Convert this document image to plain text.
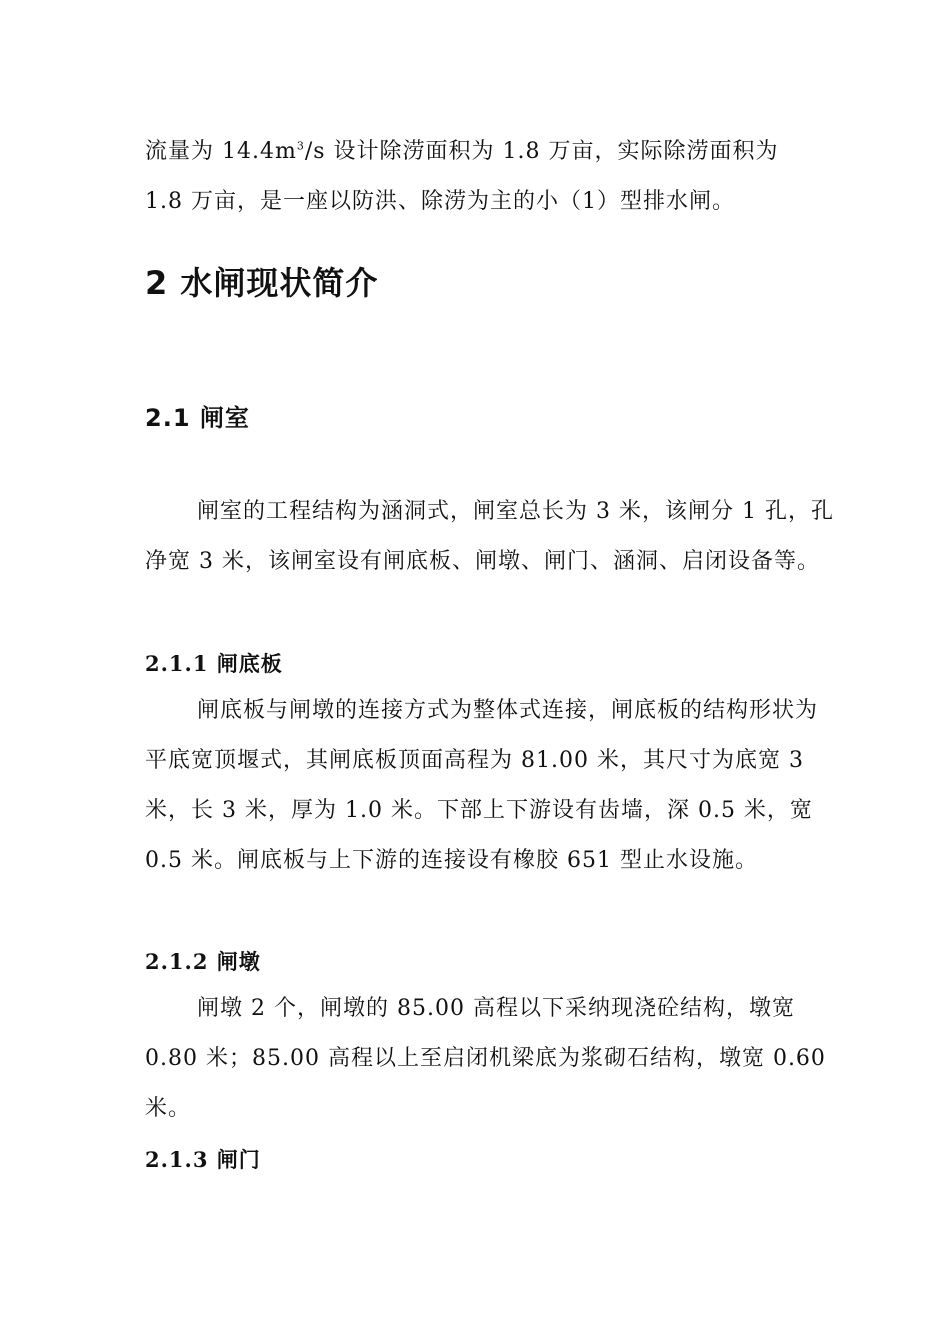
流量为 $14.4m^3/s$ 设计除涝面积为 1.8 万亩，实际除涝面积为

1.8 万亩，是一座以防洪、除涝为主的小（1）型排水闸。

2 水闸现状简介
2.1 闸室

闸室的工程结构为涵洞式，闸室总长为 3 米，该闸分 1 孔，孔净宽 3 米，该闸室设有闸底板、闸墩、闸门、涵洞、启闭设备等。

2.1.1 闸底板

闸底板与闸墩的连接方式为整体式连接，闸底板的结构形状为平底宽顶堰式，其闸底板顶面高程为 81.00 米，其尺寸为底宽 3 米，长 3 米，厚为 1.0 米。下部上下游设有齿墙，深 0.5 米，宽 0.5 米。闸底板与上下游的连接设有橡胶 651 型止水设施。

2.1.2 闸墩

闸墩 2 个，闸墩的 85.00 高程以下采纳现浇砼结构，墩宽 0.80 米；85.00 高程以上至启闭机梁底为浆砌石结构，墩宽 0.60 米。

2.1.3 闸门
